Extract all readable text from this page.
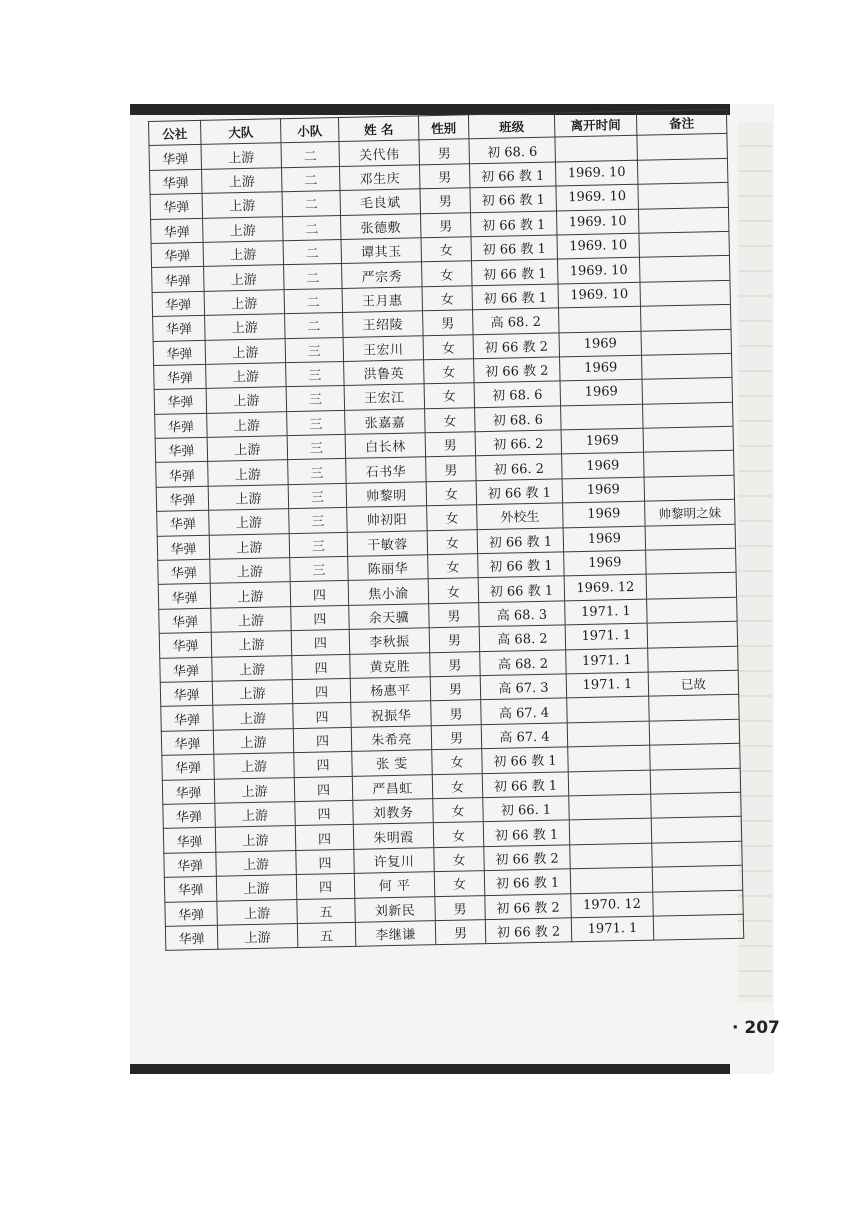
公社	大队	小队	姓 名	性别	班级	离开时间	备注
华弹	上游	二	关代伟	男	初 68. 6		
华弹	上游	二	邓生庆	男	初 66 教 1	1969. 10	
华弹	上游	二	毛良斌	男	初 66 教 1	1969. 10	
华弹	上游	二	张德敷	男	初 66 教 1	1969. 10	
华弹	上游	二	谭其玉	女	初 66 教 1	1969. 10	
华弹	上游	二	严宗秀	女	初 66 教 1	1969. 10	
华弹	上游	二	王月惠	女	初 66 教 1	1969. 10	
华弹	上游	二	王绍陵	男	高 68. 2		
华弹	上游	三	王宏川	女	初 66 教 2	1969	
华弹	上游	三	洪鲁英	女	初 66 教 2	1969	
华弹	上游	三	王宏江	女	初 68. 6	1969	
华弹	上游	三	张嘉嘉	女	初 68. 6		
华弹	上游	三	白长林	男	初 66. 2	1969	
华弹	上游	三	石书华	男	初 66. 2	1969	
华弹	上游	三	帅黎明	女	初 66 教 1	1969	
华弹	上游	三	帅初阳	女	外校生	1969	帅黎明之妹
华弹	上游	三	干敏蓉	女	初 66 教 1	1969	
华弹	上游	三	陈丽华	女	初 66 教 1	1969	
华弹	上游	四	焦小渝	女	初 66 教 1	1969. 12	
华弹	上游	四	余天骥	男	高 68. 3	1971. 1	
华弹	上游	四	李秋振	男	高 68. 2	1971. 1	
华弹	上游	四	黄克胜	男	高 68. 2	1971. 1	
华弹	上游	四	杨惠平	男	高 67. 3	1971. 1	已故
华弹	上游	四	祝振华	男	高 67. 4		
华弹	上游	四	朱希亮	男	高 67. 4		
华弹	上游	四	张 雯	女	初 66 教 1		
华弹	上游	四	严昌虹	女	初 66 教 1		
华弹	上游	四	刘教务	女	初 66. 1		
华弹	上游	四	朱明霞	女	初 66 教 1		
华弹	上游	四	许复川	女	初 66 教 2		
华弹	上游	四	何 平	女	初 66 教 1		
华弹	上游	五	刘新民	男	初 66 教 2	1970. 12	
华弹	上游	五	李继谦	男	初 66 教 2	1971. 1	
· 207
